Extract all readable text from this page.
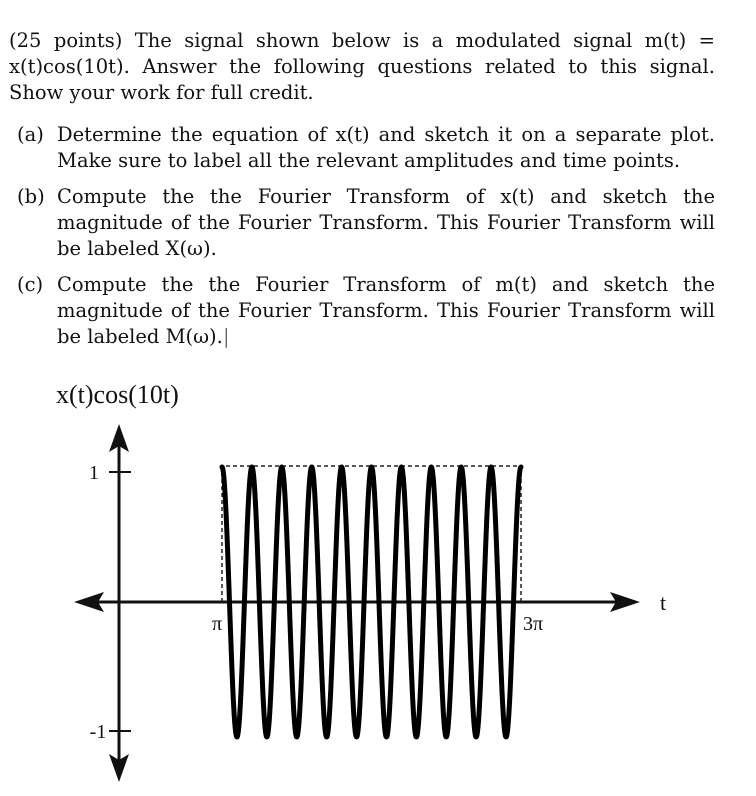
(25 points) The signal shown below is a modulated signal m(t) = x(t)cos(10t). Answer the following questions related to this signal. Show your work for full credit.
(a) Determine the equation of x(t) and sketch it on a separate plot. Make sure to label all the relevant amplitudes and time points.
(b) Compute the the Fourier Transform of x(t) and sketch the magnitude of the Fourier Transform. This Fourier Transform will be labeled X(ω).
(c) Compute the the Fourier Transform of m(t) and sketch the magnitude of the Fourier Transform. This Fourier Transform will be labeled M(ω).|
x(t)cos(10t)
1
-1
π	3π
t
